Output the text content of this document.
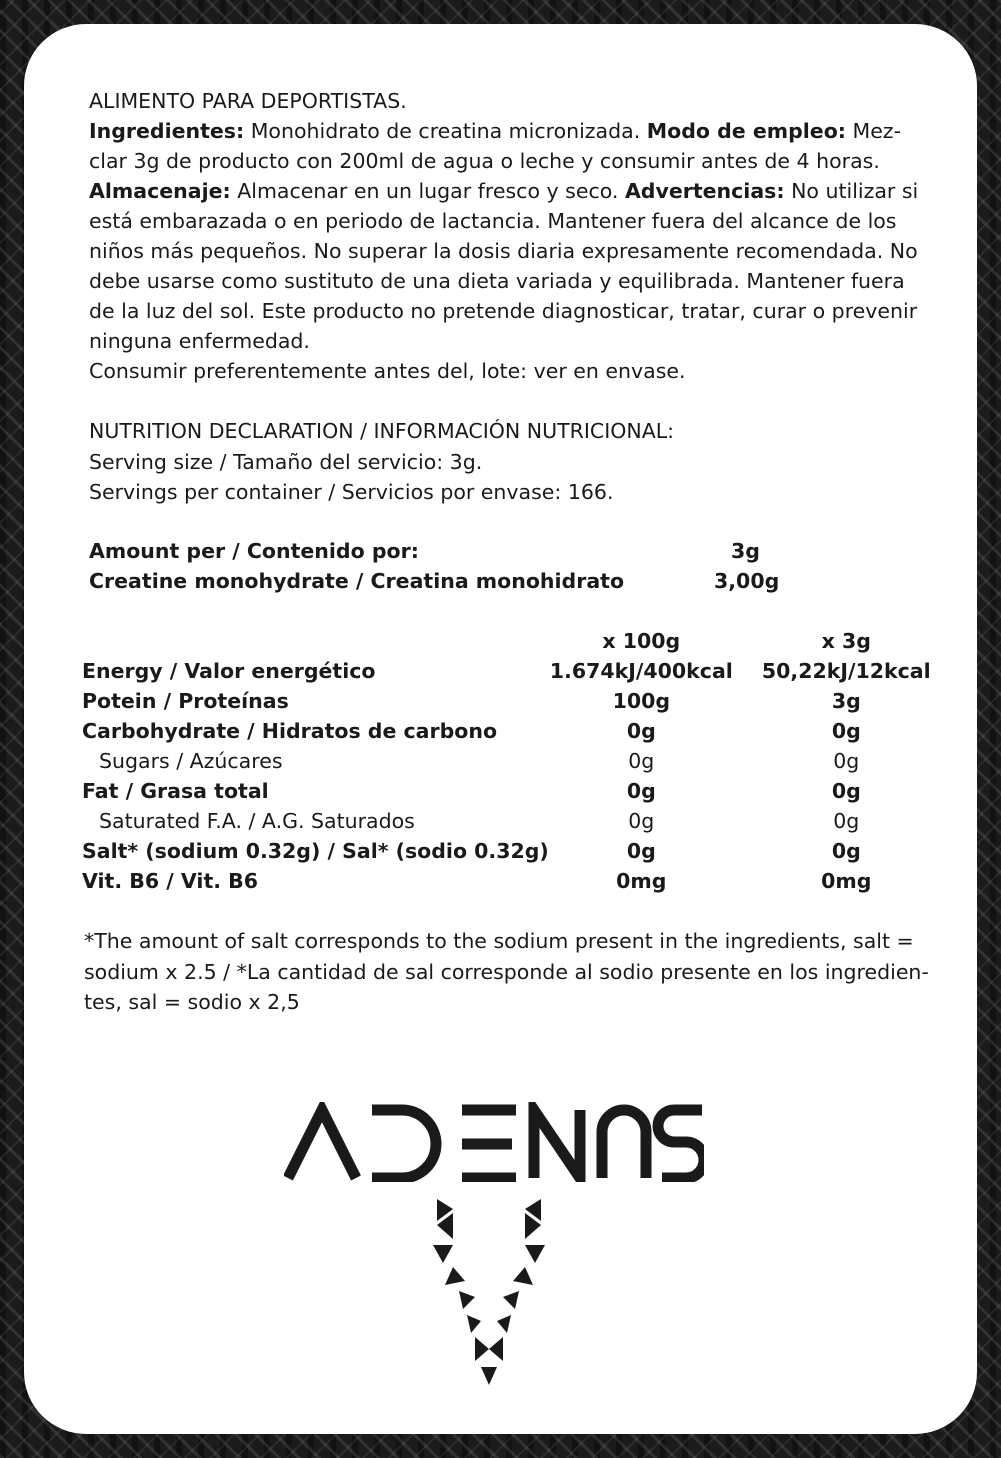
ALIMENTO PARA DEPORTISTAS.

Ingredientes: Monohidrato de creatina micronizada. Modo de empleo: Mezclar 3g de producto con 200ml de agua o leche y consumir antes de 4 horas. Almacenaje: Almacenar en un lugar fresco y seco. Advertencias: No utilizar si está embarazada o en periodo de lactancia. Mantener fuera del alcance de los niños más pequeños. No superar la dosis diaria expresamente recomendada. No debe usarse como sustituto de una dieta variada y equilibrada. Mantener fuera de la luz del sol. Este producto no pretende diagnosticar, tratar, curar o prevenir ninguna enfermedad.

Consumir preferentemente antes del, lote: ver en envase.

NUTRITION DECLARATION / INFORMACIÓN NUTRICIONAL:
Serving size / Tamaño del servicio: 3g.
Servings per container / Servicios por envase: 166.
Amount per / Contenido por:	3g
Creatine monohydrate / Creatina monohidrato	3,00g
	x 100g	x 3g
Energy / Valor energético	1.674kJ/400kcal	50,22kJ/12kcal
Potein / Proteínas	100g	3g
Carbohydrate / Hidratos de carbono	0g	0g
Sugars / Azúcares	0g	0g
Fat / Grasa total	0g	0g
Saturated F.A. / A.G. Saturados	0g	0g
Salt* (sodium 0.32g) / Sal* (sodio 0.32g)	0g	0g
Vit. B6 / Vit. B6	0mg	0mg

*The amount of salt corresponds to the sodium present in the ingredients, salt = sodium x 2.5 / *La cantidad de sal corresponde al sodio presente en los ingredientes, sal = sodio x 2,5
